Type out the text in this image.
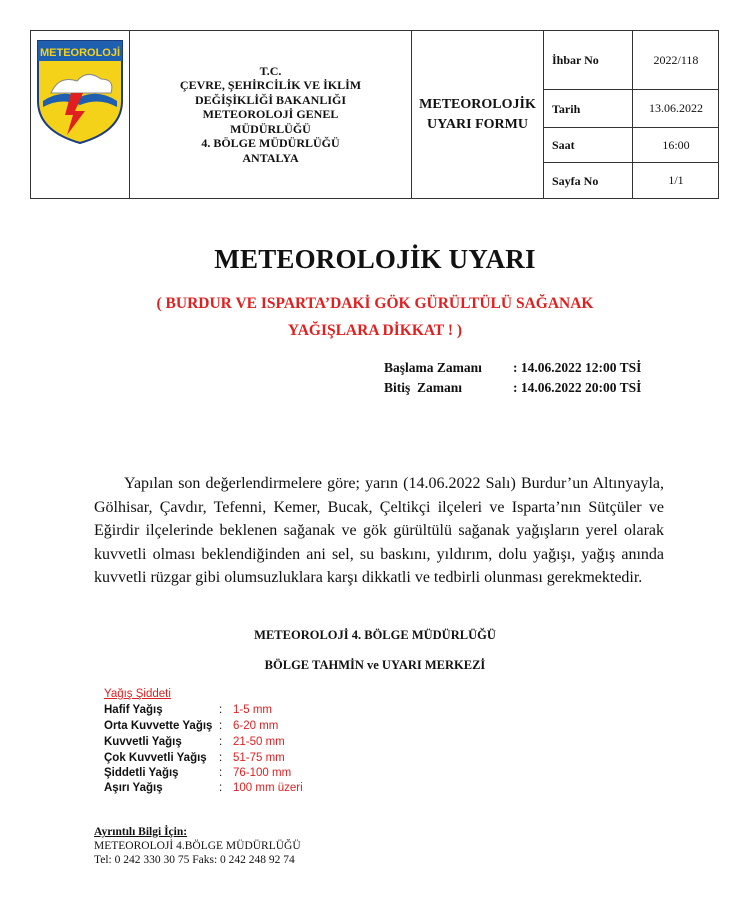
METEOROLOJİ
T.C.
ÇEVRE, ŞEHİRCİLİK VE İKLİM
DEĞİŞİKLİĞİ BAKANLIĞI
METEOROLOJİ GENEL
MÜDÜRLÜĞÜ
4. BÖLGE MÜDÜRLÜĞÜ
ANTALYA
METEOROLOJİK
UYARI FORMU
İhbar No	2022/118
Tarih	13.06.2022
Saat	16:00
Sayfa No	1/1
METEOROLOJİK UYARI
( BURDUR VE ISPARTA’DAKİ GÖK GÜRÜLTÜLÜ SAĞANAK
YAĞIŞLARA DİKKAT ! )
Başlama Zamanı : 14.06.2022 12:00 TSİ
Bitiş  Zamanı	: 14.06.2022 20:00 TSİ
Yapılan son değerlendirmelere göre; yarın (14.06.2022 Salı) Burdur’un Altınyayla, Gölhisar, Çavdır, Tefenni, Kemer, Bucak, Çeltikçi ilçeleri ve Isparta’nın Sütçüler ve Eğirdir ilçelerinde beklenen sağanak ve gök gürültülü sağanak yağışların yerel olarak kuvvetli olması beklendiğinden ani sel, su baskını, yıldırım, dolu yağışı, yağış anında kuvvetli rüzgar gibi olumsuzluklara karşı dikkatli ve tedbirli olunması gerekmektedir.
METEOROLOJİ 4. BÖLGE MÜDÜRLÜĞÜ
BÖLGE TAHMİN ve UYARI MERKEZİ
Yağış Şiddeti
Hafif Yağış	: 1-5 mm
Orta Kuvvette Yağış : 6-20 mm
Kuvvetli Yağış	: 21-50 mm
Çok Kuvvetli Yağış : 51-75 mm
Şiddetli Yağış	: 76-100 mm
Aşırı Yağış	: 100 mm üzeri
Ayrıntılı Bilgi İçin:
METEOROLOJİ 4.BÖLGE MÜDÜRLÜĞÜ
Tel: 0 242 330 30 75 Faks: 0 242 248 92 74
